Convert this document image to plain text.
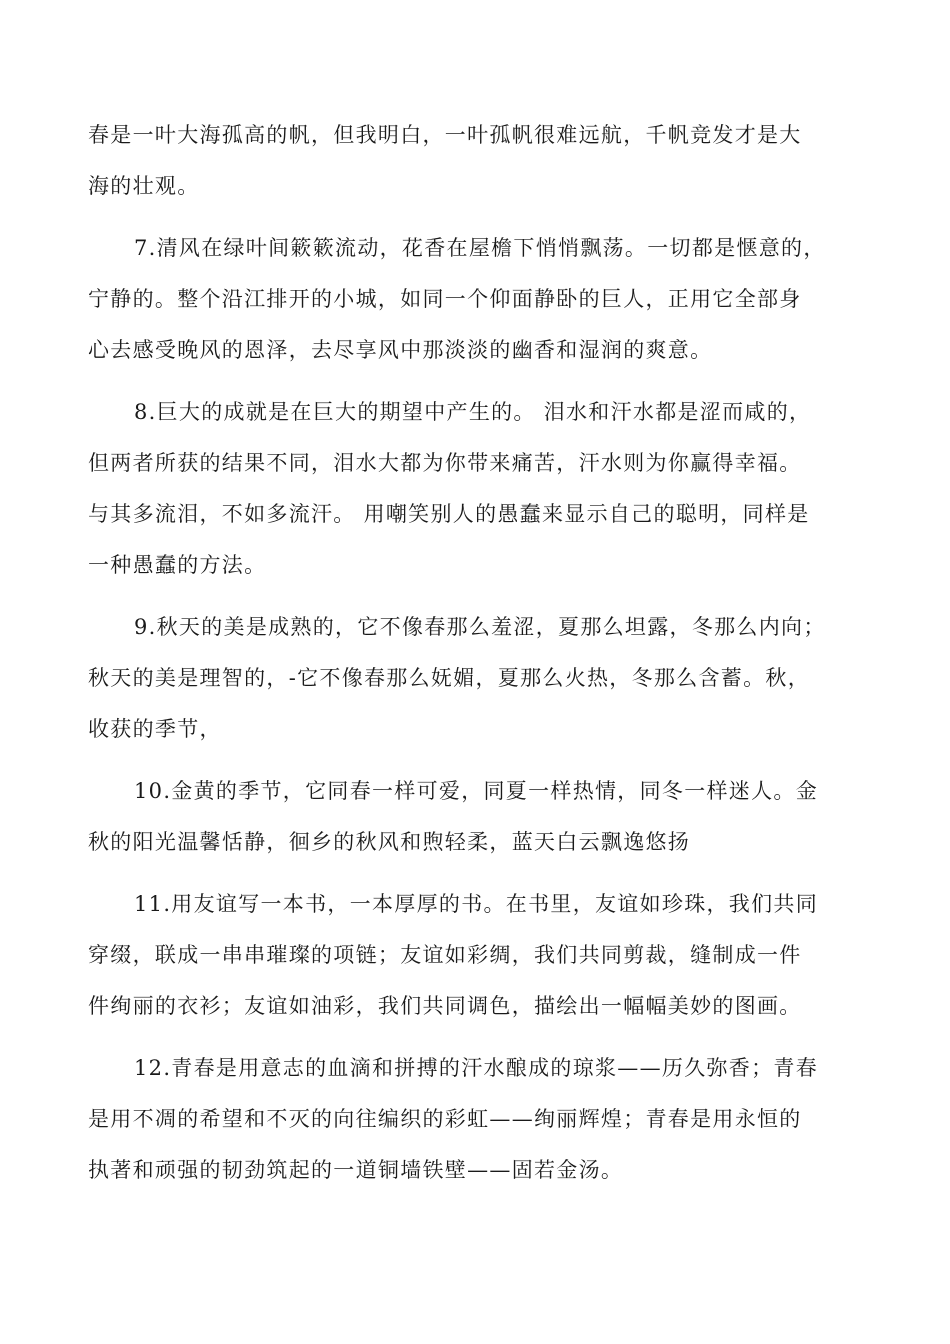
春是一叶大海孤高的帆，但我明白，一叶孤帆很难远航，千帆竞发才是大
海的壮观。
7.清风在绿叶间簌簌流动，花香在屋檐下悄悄飘荡。一切都是惬意的，
宁静的。整个沿江排开的小城，如同一个仰面静卧的巨人，正用它全部身
心去感受晚风的恩泽，去尽享风中那淡淡的幽香和湿润的爽意。
8.巨大的成就是在巨大的期望中产生的。 泪水和汗水都是涩而咸的，
但两者所获的结果不同，泪水大都为你带来痛苦，汗水则为你赢得幸福。
与其多流泪，不如多流汗。 用嘲笑别人的愚蠢来显示自己的聪明，同样是
一种愚蠢的方法。
9.秋天的美是成熟的，它不像春那么羞涩，夏那么坦露，冬那么内向；
秋天的美是理智的，-它不像春那么妩媚，夏那么火热，冬那么含蓄。秋，
收获的季节，
10.金黄的季节，它同春一样可爱，同夏一样热情，同冬一样迷人。金
秋的阳光温馨恬静，徊乡的秋风和煦轻柔，蓝天白云飘逸悠扬
11.用友谊写一本书，一本厚厚的书。在书里，友谊如珍珠，我们共同
穿缀，联成一串串璀璨的项链；友谊如彩绸，我们共同剪裁，缝制成一件
件绚丽的衣衫；友谊如油彩，我们共同调色，描绘出一幅幅美妙的图画。
12.青春是用意志的血滴和拼搏的汗水酿成的琼浆——历久弥香；青春
是用不凋的希望和不灭的向往编织的彩虹——绚丽辉煌；青春是用永恒的
执著和顽强的韧劲筑起的一道铜墙铁壁——固若金汤。
